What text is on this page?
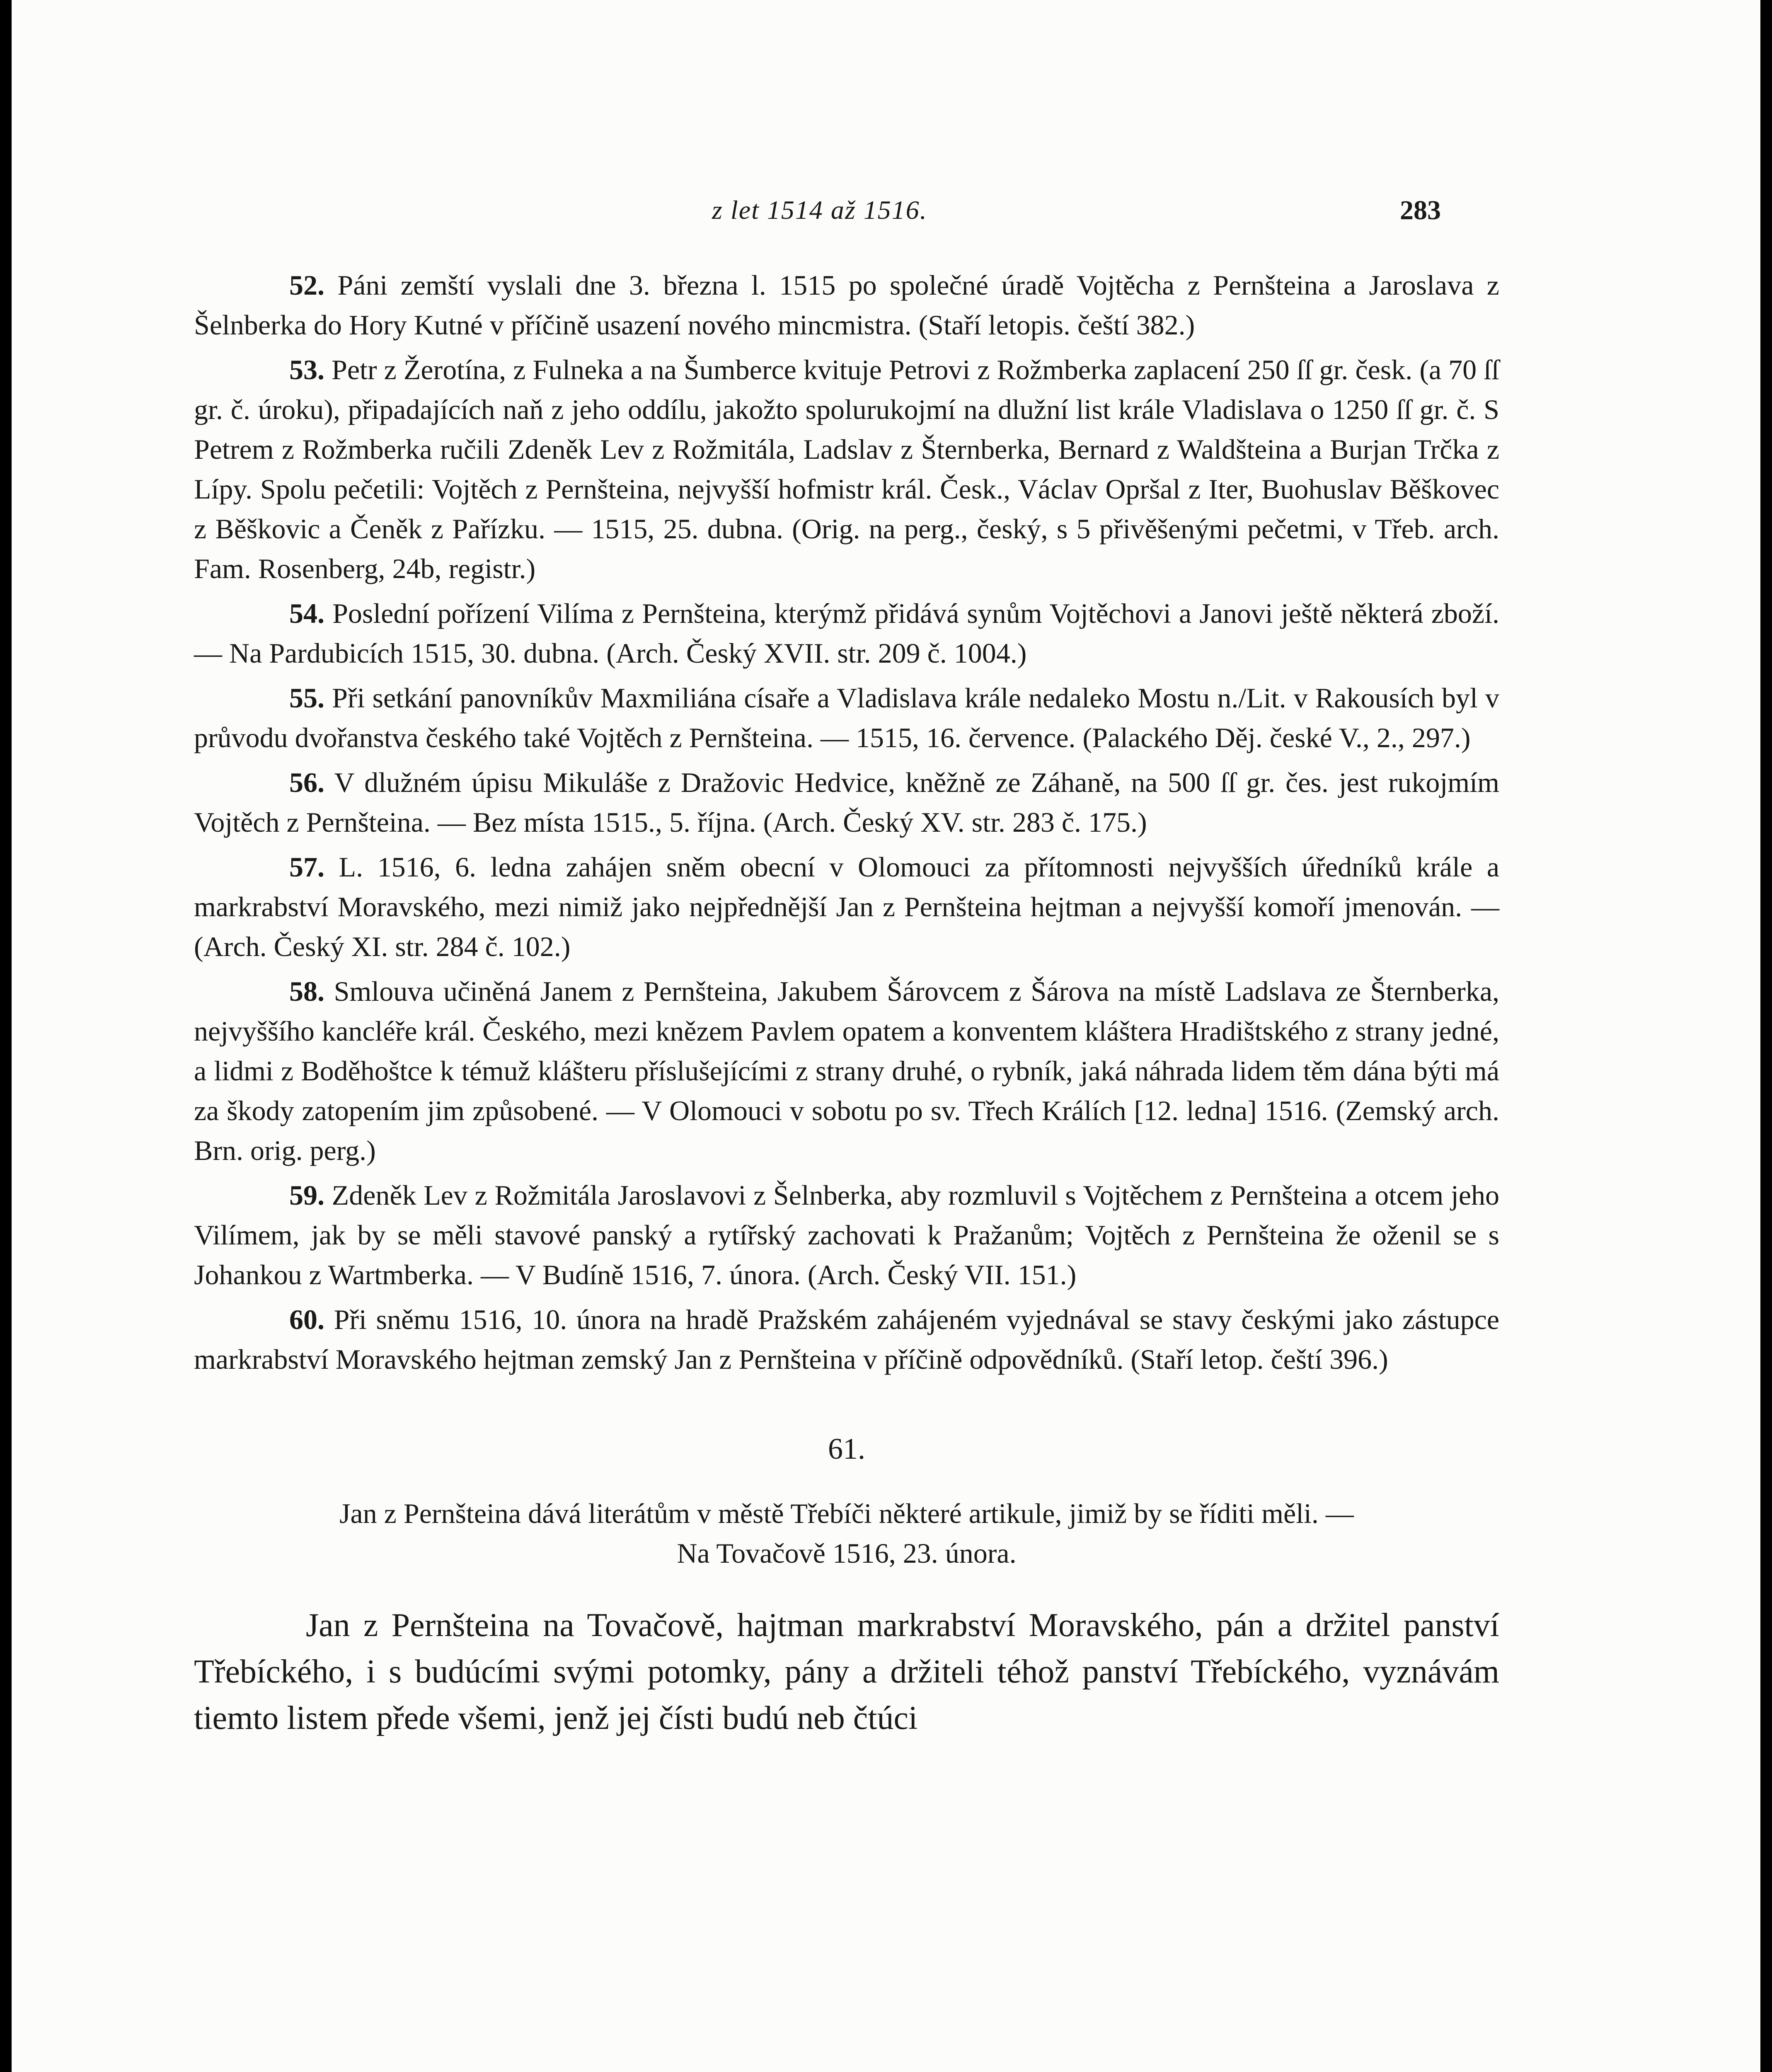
z let 1514 až 1516.	283

52. Páni zemští vyslali dne 3. března l. 1515 po společné úradě Vojtěcha z Pernšteina a Jaroslava z Šelnberka do Hory Kutné v příčině usazení nového mincmistra. (Staří letopis. čeští 382.)

53. Petr z Žerotína, z Fulneka a na Šumberce kvituje Petrovi z Rožmberka zaplacení 250 ſſ gr. česk. (a 70 ſſ gr. č. úroku), připadajících naň z jeho oddílu, jakožto spolurukojmí na dlužní list krále Vladislava o 1250 ſſ gr. č. S Petrem z Rožmberka ručili Zdeněk Lev z Rožmitála, Ladslav z Šternberka, Bernard z Waldšteina a Burjan Trčka z Lípy. Spolu pečetili: Vojtěch z Pernšteina, nejvyšší hofmistr král. Česk., Václav Opršal z Iter, Buohuslav Běškovec z Běškovic a Čeněk z Pařízku. — 1515, 25. dubna. (Orig. na perg., český, s 5 přivěšenými pečetmi, v Třeb. arch. Fam. Rosenberg, 24b, registr.)

54. Poslední pořízení Vilíma z Pernšteina, kterýmž přidává synům Vojtěchovi a Janovi ještě některá zboží. — Na Pardubicích 1515, 30. dubna. (Arch. Český XVII. str. 209 č. 1004.)

55. Při setkání panovníkův Maxmiliána císaře a Vladislava krále nedaleko Mostu n./Lit. v Rakousích byl v průvodu dvořanstva českého také Vojtěch z Pernšteina. — 1515, 16. července. (Palackého Děj. české V., 2., 297.)

56. V dlužném úpisu Mikuláše z Dražovic Hedvice, kněžně ze Záhaně, na 500 ſſ gr. čes. jest rukojmím Vojtěch z Pernšteina. — Bez místa 1515., 5. října. (Arch. Český XV. str. 283 č. 175.)

57. L. 1516, 6. ledna zahájen sněm obecní v Olomouci za přítomnosti nejvyšších úředníků krále a markrabství Moravského, mezi nimiž jako nejpřednější Jan z Pernšteina hejtman a nejvyšší komoří jmenován. — (Arch. Český XI. str. 284 č. 102.)

58. Smlouva učiněná Janem z Pernšteina, Jakubem Šárovcem z Šárova na místě Ladslava ze Šternberka, nejvyššího kancléře král. Českého, mezi knězem Pavlem opatem a konventem kláštera Hradištského z strany jedné, a lidmi z Boděhoštce k témuž klášteru příslušejícími z strany druhé, o rybník, jaká náhrada lidem těm dána býti má za škody zatopením jim způsobené. — V Olomouci v sobotu po sv. Třech Králích [12. ledna] 1516. (Zemský arch. Brn. orig. perg.)

59. Zdeněk Lev z Rožmitála Jaroslavovi z Šelnberka, aby rozmluvil s Vojtěchem z Pernšteina a otcem jeho Vilímem, jak by se měli stavové panský a rytířský zachovati k Pražanům; Vojtěch z Pernšteina že oženil se s Johankou z Wartmberka. — V Budíně 1516, 7. února. (Arch. Český VII. 151.)

60. Při sněmu 1516, 10. února na hradě Pražském zahájeném vyjednával se stavy českými jako zástupce markrabství Moravského hejtman zemský Jan z Pernšteina v příčině odpovědníků. (Staří letop. čeští 396.)

61.
Jan z Pernšteina dává literátům v městě Třebíči některé artikule, jimiž by se říditi měli. —
Na Tovačově 1516, 23. února.

Jan z Pernšteina na Tovačově, hajtman markrabství Moravského, pán a držitel panství Třebíckého, i s budúcími svými potomky, pány a držiteli téhož panství Třebíckého, vyznávám tiemto listem přede všemi, jenž jej čísti budú neb čtúci
